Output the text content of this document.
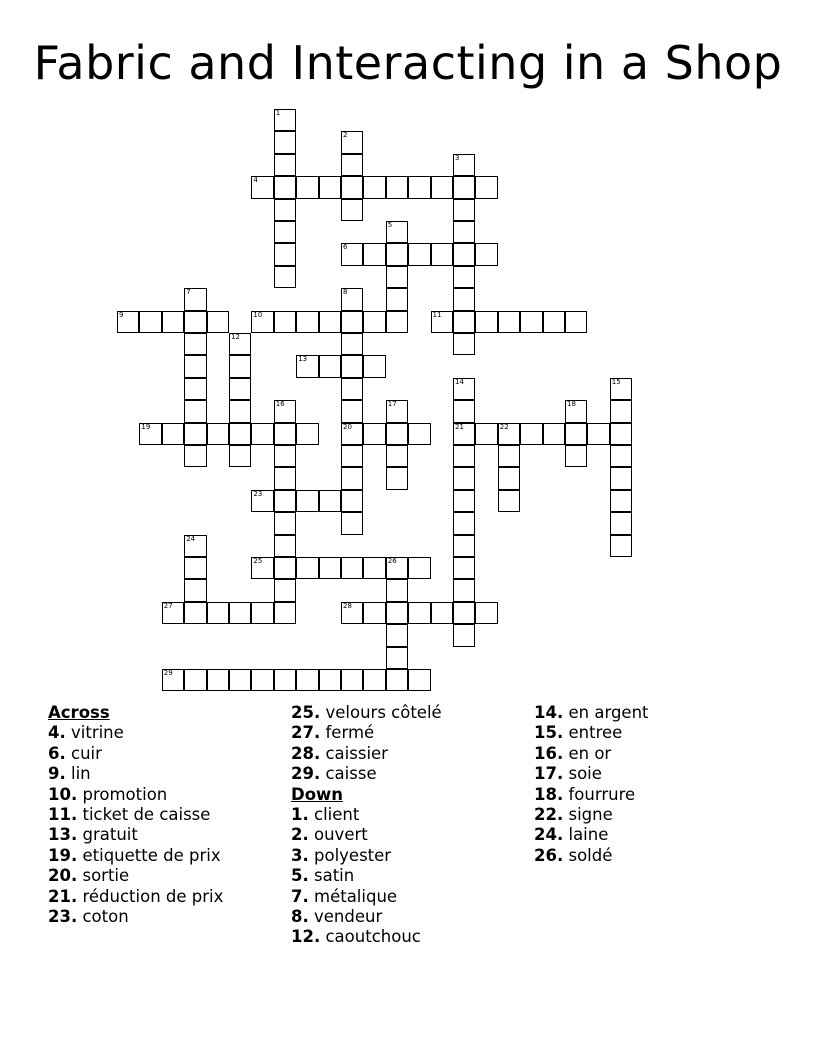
Fabric and Interacting in a Shop
1
2
3
4
5
6
7	8
20
9	10	11
12
13
14
21
15
16	17	18
19	22
23
24
25	26
27	28
29
Across
4. vitrine
6. cuir
9. lin
10. promotion
11. ticket de caisse
13. gratuit
19. etiquette de prix
20. sortie
21. réduction de prix
23. coton
25. velours côtelé
27. fermé
28. caissier
29. caisse
Down
1. client
2. ouvert
3. polyester
5. satin
7. métalique
8. vendeur
12. caoutchouc
14. en argent
15. entree
16. en or
17. soie
18. fourrure
22. signe
24. laine
26. soldé
